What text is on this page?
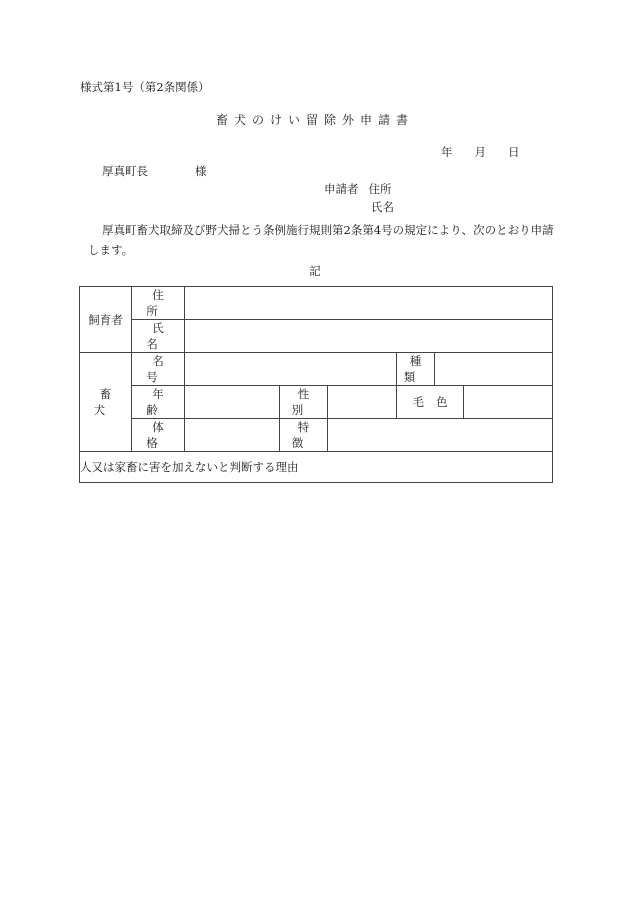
様式第1号（第2条関係）
畜犬のけい留除外申請書
年 月 日
厚真町長	様
申請者 住所
氏名
厚真町畜犬取締及び野犬掃とう条例施行規則第2条第4号の規定により、次のとおり申請します。
記
飼育者	住所						
	氏名						
畜犬	名号				種類		
	年齢		性別		毛色		
	体格		特徴				
人又は家畜に害を加えないと判断する理由							
